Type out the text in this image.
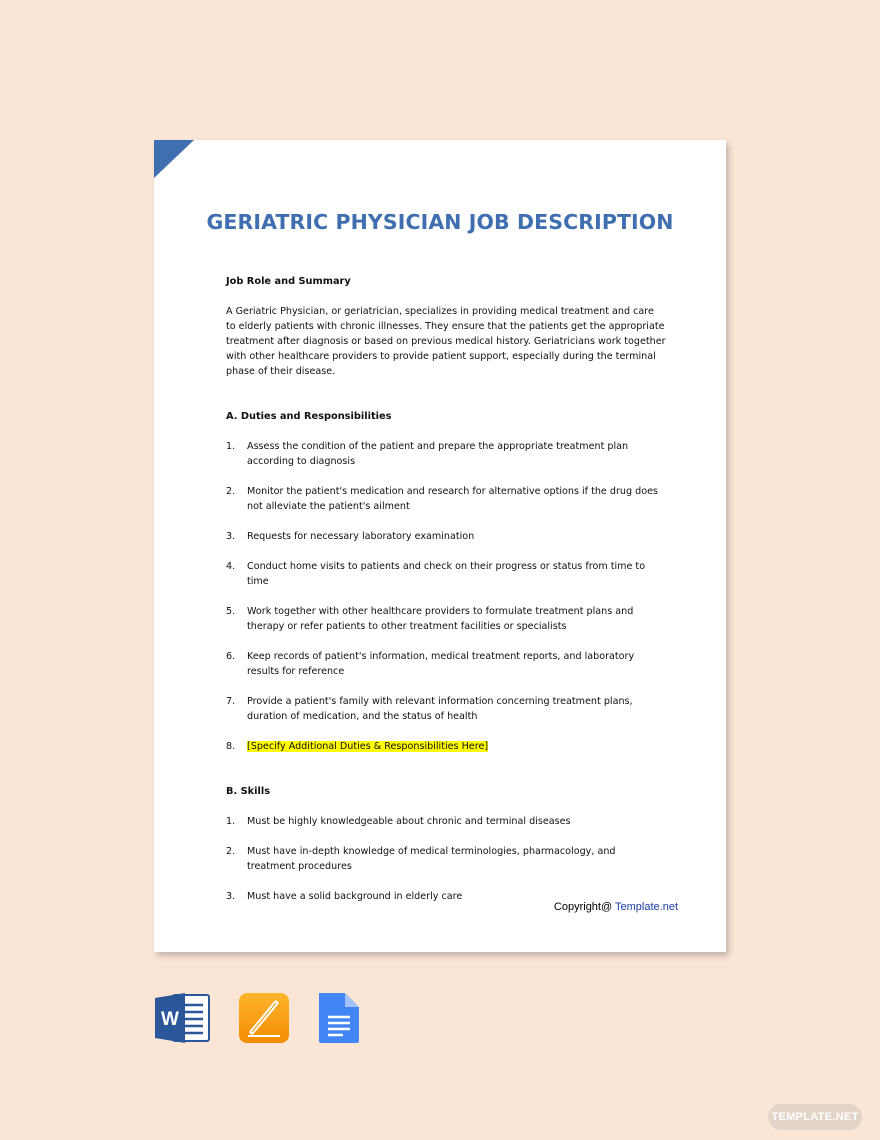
GERIATRIC PHYSICIAN JOB DESCRIPTION
Job Role and Summary
A Geriatric Physician, or geriatrician, specializes in providing medical treatment and care to elderly patients with chronic illnesses. They ensure that the patients get the appropriate treatment after diagnosis or based on previous medical history. Geriatricians work together with other healthcare providers to provide patient support, especially during the terminal phase of their disease.
A. Duties and Responsibilities
1.	Assess the condition of the patient and prepare the appropriate treatment plan according to diagnosis
2.	Monitor the patient's medication and research for alternative options if the drug does not alleviate the patient's ailment
3.	Requests for necessary laboratory examination
4.	Conduct home visits to patients and check on their progress or status from time to time
5.	Work together with other healthcare providers to formulate treatment plans and therapy or refer patients to other treatment facilities or specialists
6.	Keep records of patient's information, medical treatment reports, and laboratory results for reference
7.	Provide a patient's family with relevant information concerning treatment plans, duration of medication, and the status of health
8.	[Specify Additional Duties & Responsibilities Here]
B. Skills
1.	Must be highly knowledgeable about chronic and terminal diseases
2.	Must have in-depth knowledge of medical terminologies, pharmacology, and treatment procedures
3.	Must have a solid background in elderly care
Copyright@ Template.net
W
TEMPLATE.NET
